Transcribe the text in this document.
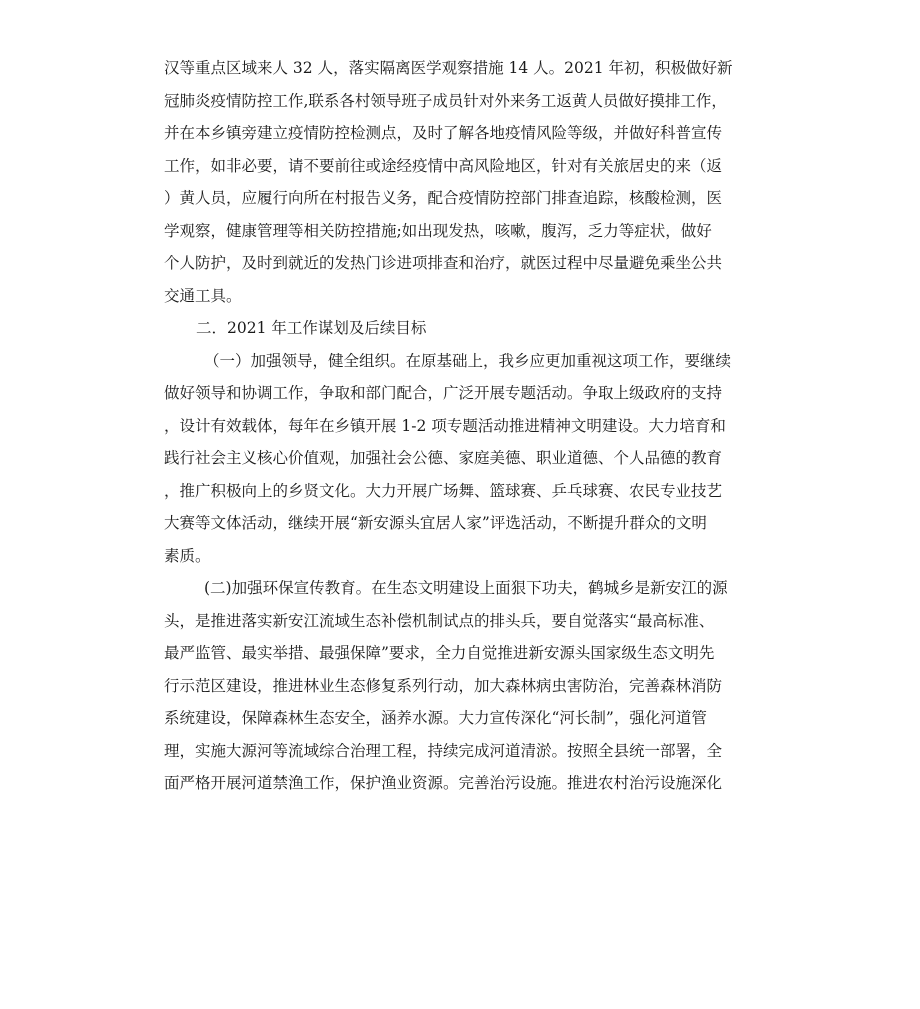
汉等重点区域来人 32 人，落实隔离医学观察措施 14 人。2021 年初，积极做好新
冠肺炎疫情防控工作,联系各村领导班子成员针对外来务工返黄人员做好摸排工作，
并在本乡镇旁建立疫情防控检测点，及时了解各地疫情风险等级，并做好科普宣传
工作，如非必要，请不要前往或途经疫情中高风险地区，针对有关旅居史的来（返
）黄人员，应履行向所在村报告义务，配合疫情防控部门排查追踪，核酸检测，医
学观察，健康管理等相关防控措施;如出现发热，咳嗽，腹泻，乏力等症状，做好
个人防护，及时到就近的发热门诊进项排查和治疗，就医过程中尽量避免乘坐公共
交通工具。
二．2021 年工作谋划及后续目标
（一）加强领导，健全组织。在原基础上，我乡应更加重视这项工作，要继续
做好领导和协调工作，争取和部门配合，广泛开展专题活动。争取上级政府的支持
，设计有效载体，每年在乡镇开展 1-2 项专题活动推进精神文明建设。大力培育和
践行社会主义核心价值观，加强社会公德、家庭美德、职业道德、个人品德的教育
，推广积极向上的乡贤文化。大力开展广场舞、篮球赛、乒乓球赛、农民专业技艺
大赛等文体活动，继续开展“新安源头宜居人家”评选活动，不断提升群众的文明
素质。
(二)加强环保宣传教育。在生态文明建设上面狠下功夫，鹤城乡是新安江的源
头，是推进落实新安江流域生态补偿机制试点的排头兵，要自觉落实“最高标准、
最严监管、最实举措、最强保障”要求，全力自觉推进新安源头国家级生态文明先
行示范区建设，推进林业生态修复系列行动，加大森林病虫害防治，完善森林消防
系统建设，保障森林生态安全，涵养水源。大力宣传深化“河长制”，强化河道管
理，实施大源河等流域综合治理工程，持续完成河道清淤。按照全县统一部署，全
面严格开展河道禁渔工作，保护渔业资源。完善治污设施。推进农村治污设施深化
